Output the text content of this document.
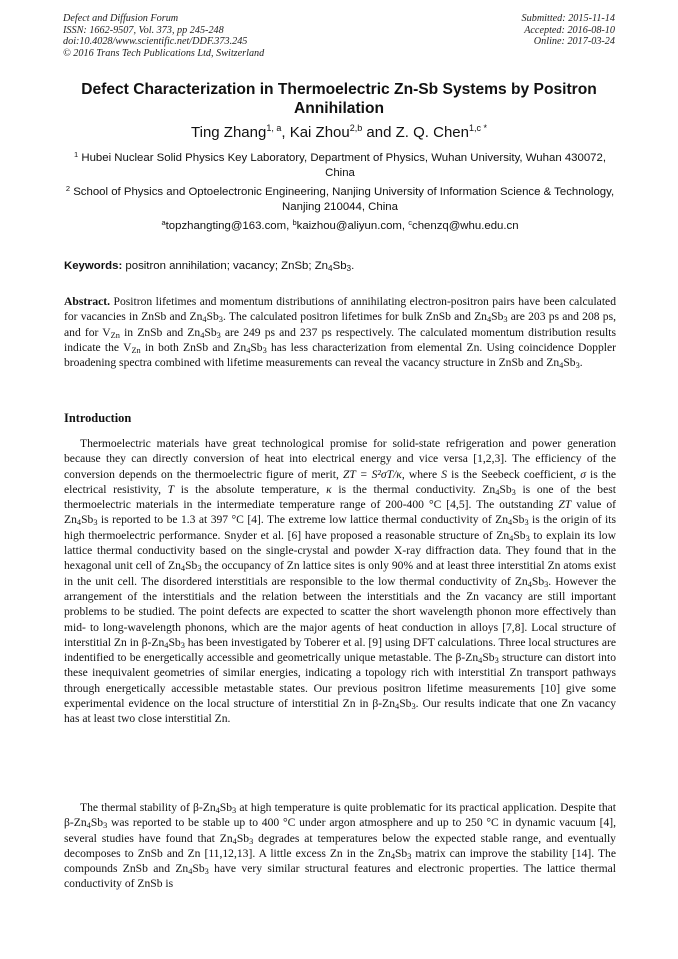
Defect and Diffusion Forum
ISSN: 1662-9507, Vol. 373, pp 245-248
doi:10.4028/www.scientific.net/DDF.373.245
© 2016 Trans Tech Publications Ltd, Switzerland
Submitted: 2015-11-14
Accepted: 2016-08-10
Online: 2017-03-24
Defect Characterization in Thermoelectric Zn-Sb Systems by Positron Annihilation
Ting Zhang$^{1, a}$, Kai Zhou$^{2,b}$ and Z. Q. Chen$^{1,c *}$
$^1$ Hubei Nuclear Solid Physics Key Laboratory, Department of Physics, Wuhan University, Wuhan 430072, China
$^2$ School of Physics and Optoelectronic Engineering, Nanjing University of Information Science & Technology, Nanjing 210044, China
$^a$topzhangting@163.com, $^b$kaizhou@aliyun.com, $^c$chenzq@whu.edu.cn
Keywords: positron annihilation; vacancy; ZnSb; $Zn_4Sb_3$.

Abstract. Positron lifetimes and momentum distributions of annihilating electron-positron pairs have been calculated for vacancies in ZnSb and $Zn_4Sb_3$. The calculated positron lifetimes for bulk ZnSb and $Zn_4Sb_3$ are 203 ps and 208 ps, and for $V_{Zn}$ in ZnSb and $Zn_4Sb_3$ are 249 ps and 237 ps respectively. The calculated momentum distribution results indicate the $V_{Zn}$ in both ZnSb and $Zn_4Sb_3$ has less characterization from elemental Zn. Using coincidence Doppler broadening spectra combined with lifetime measurements can reveal the vacancy structure in ZnSb and $Zn_4Sb_3$.

Introduction

Thermoelectric materials have great technological promise for solid-state refrigeration and power generation because they can directly conversion of heat into electrical energy and vice versa [1,2,3]. The efficiency of the conversion depends on the thermoelectric figure of merit, ZT = S²σT/κ, where S is the Seebeck coefficient, σ is the electrical resistivity, T is the absolute temperature, κ is the thermal conductivity. $Zn_4Sb_3$ is one of the best thermoelectric materials in the intermediate temperature range of 200-400 °C [4,5]. The outstanding ZT value of $Zn_4Sb_3$ is reported to be 1.3 at 397 °C [4]. The extreme low lattice thermal conductivity of $Zn_4Sb_3$ is the origin of its high thermoelectric performance. Snyder et al. [6] have proposed a reasonable structure of $Zn_4Sb_3$ to explain its low lattice thermal conductivity based on the single-crystal and powder X-ray diffraction data. They found that in the hexagonal unit cell of $Zn_4Sb_3$ the occupancy of Zn lattice sites is only 90% and at least three interstitial Zn atoms exist in the unit cell. The disordered interstitials are responsible to the low thermal conductivity of $Zn_4Sb_3$. However the arrangement of the interstitials and the relation between the interstitials and the Zn vacancy are still important problems to be studied. The point defects are expected to scatter the short wavelength phonon more effectively than mid- to long-wavelength phonons, which are the major agents of heat conduction in alloys [7,8]. Local structure of interstitial Zn in $\beta-Zn_4Sb_3$ has been investigated by Toberer et al. [9] using DFT calculations. Three local structures are indentified to be energetically accessible and geometrically unique metastable. The $\beta-Zn_4Sb_3$ structure can distort into these inequivalent geometries of similar energies, indicating a topology rich with interstitial Zn transport pathways through energetically accessible metastable states. Our previous positron lifetime measurements [10] give some experimental evidence on the local structure of interstitial Zn in $\beta-Zn_4Sb_3$. Our results indicate that one Zn vacancy has at least two close interstitial Zn.

The thermal stability of $\beta-Zn_4Sb_3$ at high temperature is quite problematic for its practical application. Despite that $\beta-Zn_4Sb_3$ was reported to be stable up to 400 °C under argon atmosphere and up to 250 °C in dynamic vacuum [4], several studies have found that $Zn_4Sb_3$ degrades at temperatures below the expected stable range, and eventually decomposes to ZnSb and Zn [11,12,13]. A little excess Zn in the $Zn_4Sb_3$ matrix can improve the stability [14]. The compounds ZnSb and $Zn_4Sb_3$ have very similar structural features and electronic properties. The lattice thermal conductivity of ZnSb is
